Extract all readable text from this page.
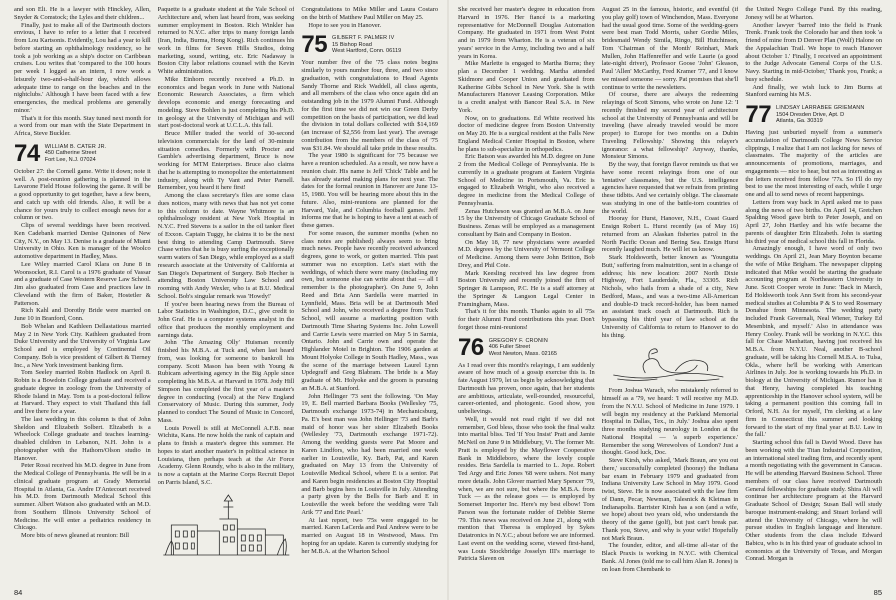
and son Eli. He is a lawyer with Hinckley, Allen, Snyder & Comstock; the Lyles and their children...

Finally, just to make all of the Dartmouth doctors envious, I have to refer to a letter that I received from Lou Kartsonis. Evidently, Lou had a year to kill before starting an ophthalmology residency, so he took a job working as a ship's doctor on Caribbean cruises. Lou writes that 'compared to the 100 hours per week I logged as an intern, I now work a leisurely two-and-a-half-hour day, which allows adequate time to range on the beaches and in the nightclubs.' Although I have been faced with a few emergencies, the medical problems are generally minor.'

That's it for this month. Stay tuned next month for a word from our man with the State Department in Africa, Steve Buckler.

74 WILLIAM B. CATER JR.
450 Catherine Street
Fort Lee, N.J. 07024

October 27: the Cornell game. Write it down; note it well. A post-reunion gathering is planned in the Lavarone Field House following the game. It will be a good opportunity to get together, have a few beers, and catch up with old friends. Also, it will be a chance for yours truly to collect enough news for a column or two.

Clips of several weddings have been received. Ken Cadebank married Denise Quinones of New City, N.Y., on May 13. Denise is a graduate of Miami University in Ohio. Ken is manager of the Woolco automotive department in Hadley, Mass.

Lee Wiley married Carol Klara on June 8 in Woonsocket, R.I. Carol is a 1976 graduate of Vassar and a graduate of Case Western Reserve Law School. Jim also graduated from Case and practices law in Cleveland with the firm of Baker, Hostetler & Patterson.

Rich Kahl and Dorothy Bride were married on June 10 in Branford, Conn.

Bob Whelan and Kathleen Dellastatious married May 2 in New York City. Kathleen graduated from Duke University and the University of Virginia Law School and is employed by Continental Oil Company. Bob is vice president of Gilbert & Tierney Inc., a New York investment banking firm.

Tom Seeley married Robin Hadlock on April 8. Robin is a Bowdoin College graduate and received a graduate degree in zoology from the University of Rhode Island in May. Tom is a post-doctoral fellow at Harvard. They expect to visit Thailand this fall and live there for a year.

The last wedding in this column is that of John Sheldon and Elizabeth Solbert. Elizabeth is a Wheelock College graduate and teaches learning-disabled children in Lebanon, N.H. John is a photographer with the Hathorn/Olson studio in Hanover.

Peter Rossi received his M.D. degree in June from the Medical College of Pennsylvania. He will be in a clinical graduate program at Grady Memorial Hospital in Atlanta, Ga. Andre D'Antecourt received his M.D. from Dartmouth Medical School this summer. Albert Watson also graduated with an M.D. from Southern Illinois University School of Medicine. He will enter a pediatrics residency in Chicago.

More bits of news gleaned at reunion: Bill

Paquette is a graduate student at the Yale School of Architecture and, when last heard from, was seeking summer employment in Boston. Rich Winkler has returned to N.Y.C. after trips to many foreign lands (Iran, India, Burma, Hong Kong). Rich continues his work in films for Seven Hills Studios, doing marketing, sound, writing, etc. Eric Nadaway is Boston City labor relations counsel with the Kevin White administration.

Mike Einhorn recently received a Ph.D. in economics and began work in June with National Economic Research Associates, a firm which develops economic and energy forecasting and modeling. Steve Bohlen is just completing his Ph.D. in geology at the University of Michigan and will start post-doctoral work at U.C.L.A. this fall.

Bruce Miller traded the world of 30-second television commercials for the land of 30-minute situation comedies. Formerly with Procter and Gamble's advertising department, Bruce is now working for MTM Enterprises. Bruce also claims that he is attempting to monopolize the entertainment industry, along with Ty Vant and Peter Parnell. Remember, you heard it here first!

Among the class secretary's files are some class dues notices, many with news that has not yet come to this column to date. Wayne Whitmore is an ophthalmology resident at New York Hospital in N.Y.C. Fred Stevens is a sailor in the oil tanker fleet of Exxon. Captain Tuggy, he claims it to be the next best thing to attending Camp Dartmouth. Steve Chase writes that he is busy surfing the exceptionally warm waters of San Diego, while employed as a staff research associate at the University of California at San Diego's Department of Surgery. Bob Hecher is attending Boston University Law School and rooming with Andy Wexler, who is at B.U. Medical School. Bob's singular remark was 'Howdy!'

If you've been hearing news from the Bureau of Labor Statistics in Washington, D.C., give credit to John Graf. He is a computer systems analyst in the office that produces the monthly employment and earnings data.

John 'The Amazing Olly' Huisman recently finished his M.B.A. at Tuck and, when last heard from, was looking for someone to bankroll his company. Scott Mason has been with Young & Rubicam advertising agency in the Big Apple since completing his M.B.A. at Harvard in 1978. Jody Hill Simpson has completed the first year of a master's degree in conducting (vocal) at the New England Conservatory of Music. During this summer, Jody planned to conduct The Sound of Music in Concord, Mass.

Louis Powell is still at McConnell A.F.B. near Wichita, Kans. He now holds the rank of captain and plans to finish a master's degree this summer. He hopes to start another master's in political science in Louisiana, then perhaps teach at the Air Force Academy. Glenn Roundy, who is also in the military, is now a captain at the Marine Corps Recruit Depot on Parris Island, S.C.

Congratulations to Mike Miller and Laura Costaro on the birth of Matthew Paul Miller on May 25.

Hope to see you in Hanover.

75 GILBERT F. PALMER IV
15 Bishop Road
West Hartford, Conn. 06119

Your number five of the '75 class notes begins similarly to yours number four, three, and two since graduation, with congratulations to Head Agents Sandy Thorne and Rick Waddell, all class agents, and all members of the class who once again did an outstanding job in the 1979 Alumni Fund. Although for the first time we did not win our Green Derby competition on the basis of participation, we did lead the division in total dollars collected with $14,169 (an increase of $2,556 from last year). The average contribution from the members of the class of '75 was $31.84. We should all take pride in these results.

The year 1980 is significant for '75 because we have a reunion scheduled. As a result, we now have a reunion chair. His name is Jeff 'Chick' Table and he has already started making plans for next year. The dates for the formal reunion in Hanover are June 13-15, 1980. You will be hearing more about this in the future. Also, mini-reunions are planned for the Harvard, Yale, and Columbia football games. Jeff informs me that he is hoping to have a tent at each of these games.

For some reason, the summer months (when no class notes are published) always seem to bring much news. People have recently received advanced degrees, gone to work, or gotten married. This past summer was no exception. Let's start with the weddings, of which there were many (including my own, but someone else can write about that — all I remember is the photographer). On June 9, John Reed and Bria Ann Sardella were married in Lynnfield, Mass. Bria will be at Dartmouth Med School and John, who received a degree from Tuck School, will assume a marketing position with Dartmouth Time Sharing Systems Inc. John Lowell and Carrie Lewis were married on May 5 in Sarnia, Ontario. John and Carrie own and operate the Highlander Motel in Brighton. The 1906 garden at Mount Holyoke College in South Hadley, Mass., was the scene of the marriage between Laurel Lynn Updegraff and Greg Blabram. The bride is a May graduate of Mt. Holyoke and the groom is pursuing an M.B.A. at Stanford.

John Hellinger '73 sent the following. 'On May 19, E. Bell married Barbara Books (Wellesley '75, Dartmouth exchange 1973-74) in Mechanicsburg, Pa. E's best man was John Hellinger '73 and Barb's maid of honor was her sister Elizabeth Books (Wellesley '73, Dartmouth exchange 1971-72). Among the wedding guests were Pat Moore and Karen Lindfors, who had been married one week earlier in Louisville, Ky. Barb, Pat, and Karen graduated on May 13 from the University of Louisville Medical School, where E is a senior. Pat and Karen begin residencies at Boston City Hospital and Barb begins hers in Louisville in July. Attending a party given by the Bells for Barb and E in Louisville the week before the wedding were Tali Arik '77 and Eric Pearl.'

At last report, two '75s were engaged to be married. Karen LaCerda and Paul Andrew were to be married on August 18 in Westwood, Mass. I'm hoping for an update. Karen is currently studying for her M.B.A. at the Wharton School

84

She received her master's degree in education from Harvard in 1976. Her fiancé is a marketing representative for McDonnell Douglas Automation Company. He graduated in 1971 from West Point and in 1979 from Wharton. He is a veteran of six years' service in the Army, including two and a half years in Korea.

Mike Marlette is engaged to Martha Burns; they plan a December 1 wedding. Martha attended Skidmore and Cooper Union and graduated from Katherine Gibbs School in New York. She is with Manufacturers Hanover Leasing Corporation. Mike is a credit analyst with Bancor Real S.A. in New York.

Now, on to graduations. Ed White received his doctor of medicine degree from Boston University on May 20. He is a surgical resident at the Falls New England Medical Center Hospital in Boston, where he plans to sub-specialize in orthopedics.

Eric Batson was awarded his M.D. degree on June 2 from the Medical College of Pennsylvania. He is currently in a graduate program at Eastern Virginia School of Medicine in Portsmouth, Va. Eric is engaged to Elizabeth Wright, who also received a degree in medicine from the Medical College of Pennsylvania.

Zenas Hutcheson was granted an M.B.A. on June 15 by the University of Chicago Graduate School of Business. Zenas will be employed as a management consultant by Bain and Company in Boston.

On May 18, 77 new physicians were awarded M.D. degrees by the University of Vermont College of Medicine. Among them were John Britton, Bob Drey, and Phil Cote.

Mark Keesling received his law degree from Boston University and recently joined the firm of Springer & Lampson, P.C. He is a staff attorney at the Springer & Langson Legal Center in Framingham, Mass.

That's it for this month. Thanks again to all '75s for their Alumni Fund contributions this year. Don't forget those mini-reunions!

76 GREGORY F. CRONIN
406 Fuller Street
West Newton, Mass. 02165

As I read over this month's relayings, I am suddenly aware of how much of a gossip exercise this is. In fate August 1979, let us begin by acknowledging that Dartmouth has proven, once again, that her students are ambitious, articulate, well-rounded, resourceful, career-oriented, and photogenic. Good show, you unbelievings.

Well, it would not read right if we did not remember, God bless, those who took the final waltz into marital bliss. Ted 'If You Insist' Pratt and Jamie McNeil on June 9 in Middlebury, Vt. The former Mr. Pratt is employed by the Mayflower Cooperative Bank in Middleboro, where the lovely couple resides. Bria Sardella is married to L. Jope. Robert Ted Argy and Eric Jones '68 were ushers. Not many more details. John Glover married Mary Spencer '79, when, we are not sure, but where the M.B.A. from Tuck — as the release goes — is employed by Somerset Importer Inc. Here's my best elbow! Tom Parson was the fortunate rudder of Debbie Sterne '79. This news was received on June 21, along with mention that Theresa is employed by Sykes Datatronics in N.Y.C.; about before we are informed. Last event on the wedding scene, viewed first-hand, was Louis Stockbridge Josselyn III's marriage to Patricia Slaven on

August 25 in the famous, historic, and eventful (if you play golf) town of Winchendon, Mass. Everyone had the usual good time. Some of the wedding-goers were best man Todd Morris, usher Gordie Miles, bridesmaid Wendy Simila, Ringo, Bill Hutchinson, Tom 'Chairman of the Month' Reinhart, Mark Mullen, John Haffenreffer and wife Laurie (a good late-night driver), Professor Goose 'John' Gleason, Paul 'Allen' McCarthy, Fred Kramer '77, and I know we missed someone — sorry. Pat promises that she'll continue to write the newsletters.

Of course, there are always the redeeming relayings of Scott Simons, who wrote on June 12: 'I recently finished my second year of architecture school at the University of Pennsylvania and will be traveling (have already traveled would be more proper) to Europe for two months on a Dubin Traveling Fellowship.' Showing this relayer's ignorance: a what fellowship? Anyway, thanks, Monsieur Simons.

By the way, that foreign flavor reminds us that we have some recent relayings from one of our 'tentative' classmates, but the U.S. intelligence agencies have requested that we refrain from printing these tidbits. And we certainly oblige. The classmate was studying in one of the battle-torn countries of the world.

Hooray for Hurst, Hanover, N.H., Coast Guard Ensign Robert L. Hurst recently (as of May 16) returned from an Alaskan fisheries patrol in the North Pacific Ocean and Bering Sea. Ensign Hurst recently laughed much. He will let us know.

Stark Holdsworth, better known as 'Youngutta Butt,' suffering from malnutrition, sent in a change of address; his new location: 2007 North Dixie Highway, Fort Lauderdale, Fla., 33305. Rich Nichols, who hails from a shade of a city, New Bedford, Mass., and was a two-time All-American and double-D track record-holder, has been named an assistant track coach at Dartmouth. Rich is bypassing his third year of law school at the University of California to return to Hanover to do his thing.

From Joshua Warach, who mistakenly referred to himself as a '79, we heard: 'I will receive my M.D. from the N.Y.U. School of Medicine in June 1979. I will begin my residency at the Parkland Memorial Hospital in Dallas, Tex., in July.' Joshua also spent three months studying neurology in London at the National Hospital — 'a superb experience.' Remember the song Werewolves of London? Just a thought. Good luck, Doc.

Steve Kirsh, who asked, 'Mark Braun, are you out there,' successfully completed (hooray) the Indiana bar exam in February 1979 and graduated from Indiana University Law School in May 1979. Good twist, Steve. He is now associated with the law firm of Dann, Pecar, Newman, Talesnick & Kleiman in Indianapolis. Barrister Kirsh has a son (and a wife, we hope) about two years old, who understands the theory of the game (golf), but just can't break par. Thank you, Steve, and why is your wife! Hopefully not Mark Braun.

The founder, editor, and all-time all-star of the Black Praxis is working in N.Y.C. with Chemical Bank. Al Jones (told me to call him Alan R. Jones) is on loan from Chembank to

the United Negro College Fund. By this reading, Jonesy will be at Wharton.

Another lawyer 'barred' into the field is Frank Trenk. Frank took the Colorado bar and then took 'a friend of mine from D Denver Plan (Wolf) Halone on the Appalachian Trail. We hope to reach Hanover about October 1.' Finally, I received an appointment to the Judge Advocate General Corps of the U.S. Navy. Starting in mid-October,' Thank you, Frank; a busy schedule.

And finally, we wish luck to Jim Burns at Stanford earning his M.S.

77 LINDSAY LARRABEE GRIEMANN
1504 Dresden Drive, Apt. D
Atlanta, Ga. 30319

Having just unburied myself from a summer's accumulation of Dartmouth College News Service clippings, I realize that I am not lacking for news of classmates. The majority of the articles are announcements of promotions, marriages, and engagements — nice to hear, but not as interesting as the letters received from fellow '77s. So I'll do my best to use the most interesting of each, while I urge one and all to send news of recent happenings.

Letters from way back in April asked me to pass along the news of two births. On April 14, Gretchen Spalding Wood gave birth to Peter Joseph, and on April 27, John Hartley and his wife became the parents of daughter Erin Elizabeth. John is starting his third year of medical school this fall in Florida.

Amazingly enough, I have word of only two weddings. On April 21, Jean Mary Boynton became the wife of Mike Brigham. The newspaper clipping indicated that Mike would be starting the graduate accounting program at Northeastern University in June. Scott Cooper wrote in June: 'Back in March, Ed Holdsworth took Ann Swit from his second-year medical studies at Columbia P & S to wed Rosemary Donahue from Minnesota. The wedding party included Frank Governali, Neal Wiener, Turkey Ed Mesenbink, and myself.' Also in attendance was Henry Cooley. Frank will be working in N.Y.C. this fall for Chase Manhattan, having just received his M.B.A. from N.Y.U. Neal, another B-school graduate, will be taking his Cornell M.B.A. to Tulsa, Okla., where he'll be working with American Airlines in July. Joe is working towards his Ph.D. in biology at the University of Michigan. Rumor has it that Henry, having completed his teaching apprenticeship in the Hanover school system, will be taking a permanent position this coming fall in Orford, N.H. As for myself, I'm clerking at a law firm in Connecticut this summer and looking forward to the start of my final year at B.U. Law in the fall.'

Starting school this fall is David Wood. Dave has been working with the Titan Industrial Corporation, an international steel trading firm, and recently spent a month negotiating with the government in Caracas. He will be attending Harvard Business School. Three members of our class have received Dartmouth General fellowships for graduate study. Shira Ali will continue her architecture program at the Harvard Graduate School of Design; Susan Ball will study baroque instrument-making; and Stuart Iorland will attend the University of Chicago, where he will pursue studies in English language and literature. Other students from the class include Edward Babicu, who is in his third year of graduate school in economics at the University of Texas, and Morgan Conrad. Morgan is

85
